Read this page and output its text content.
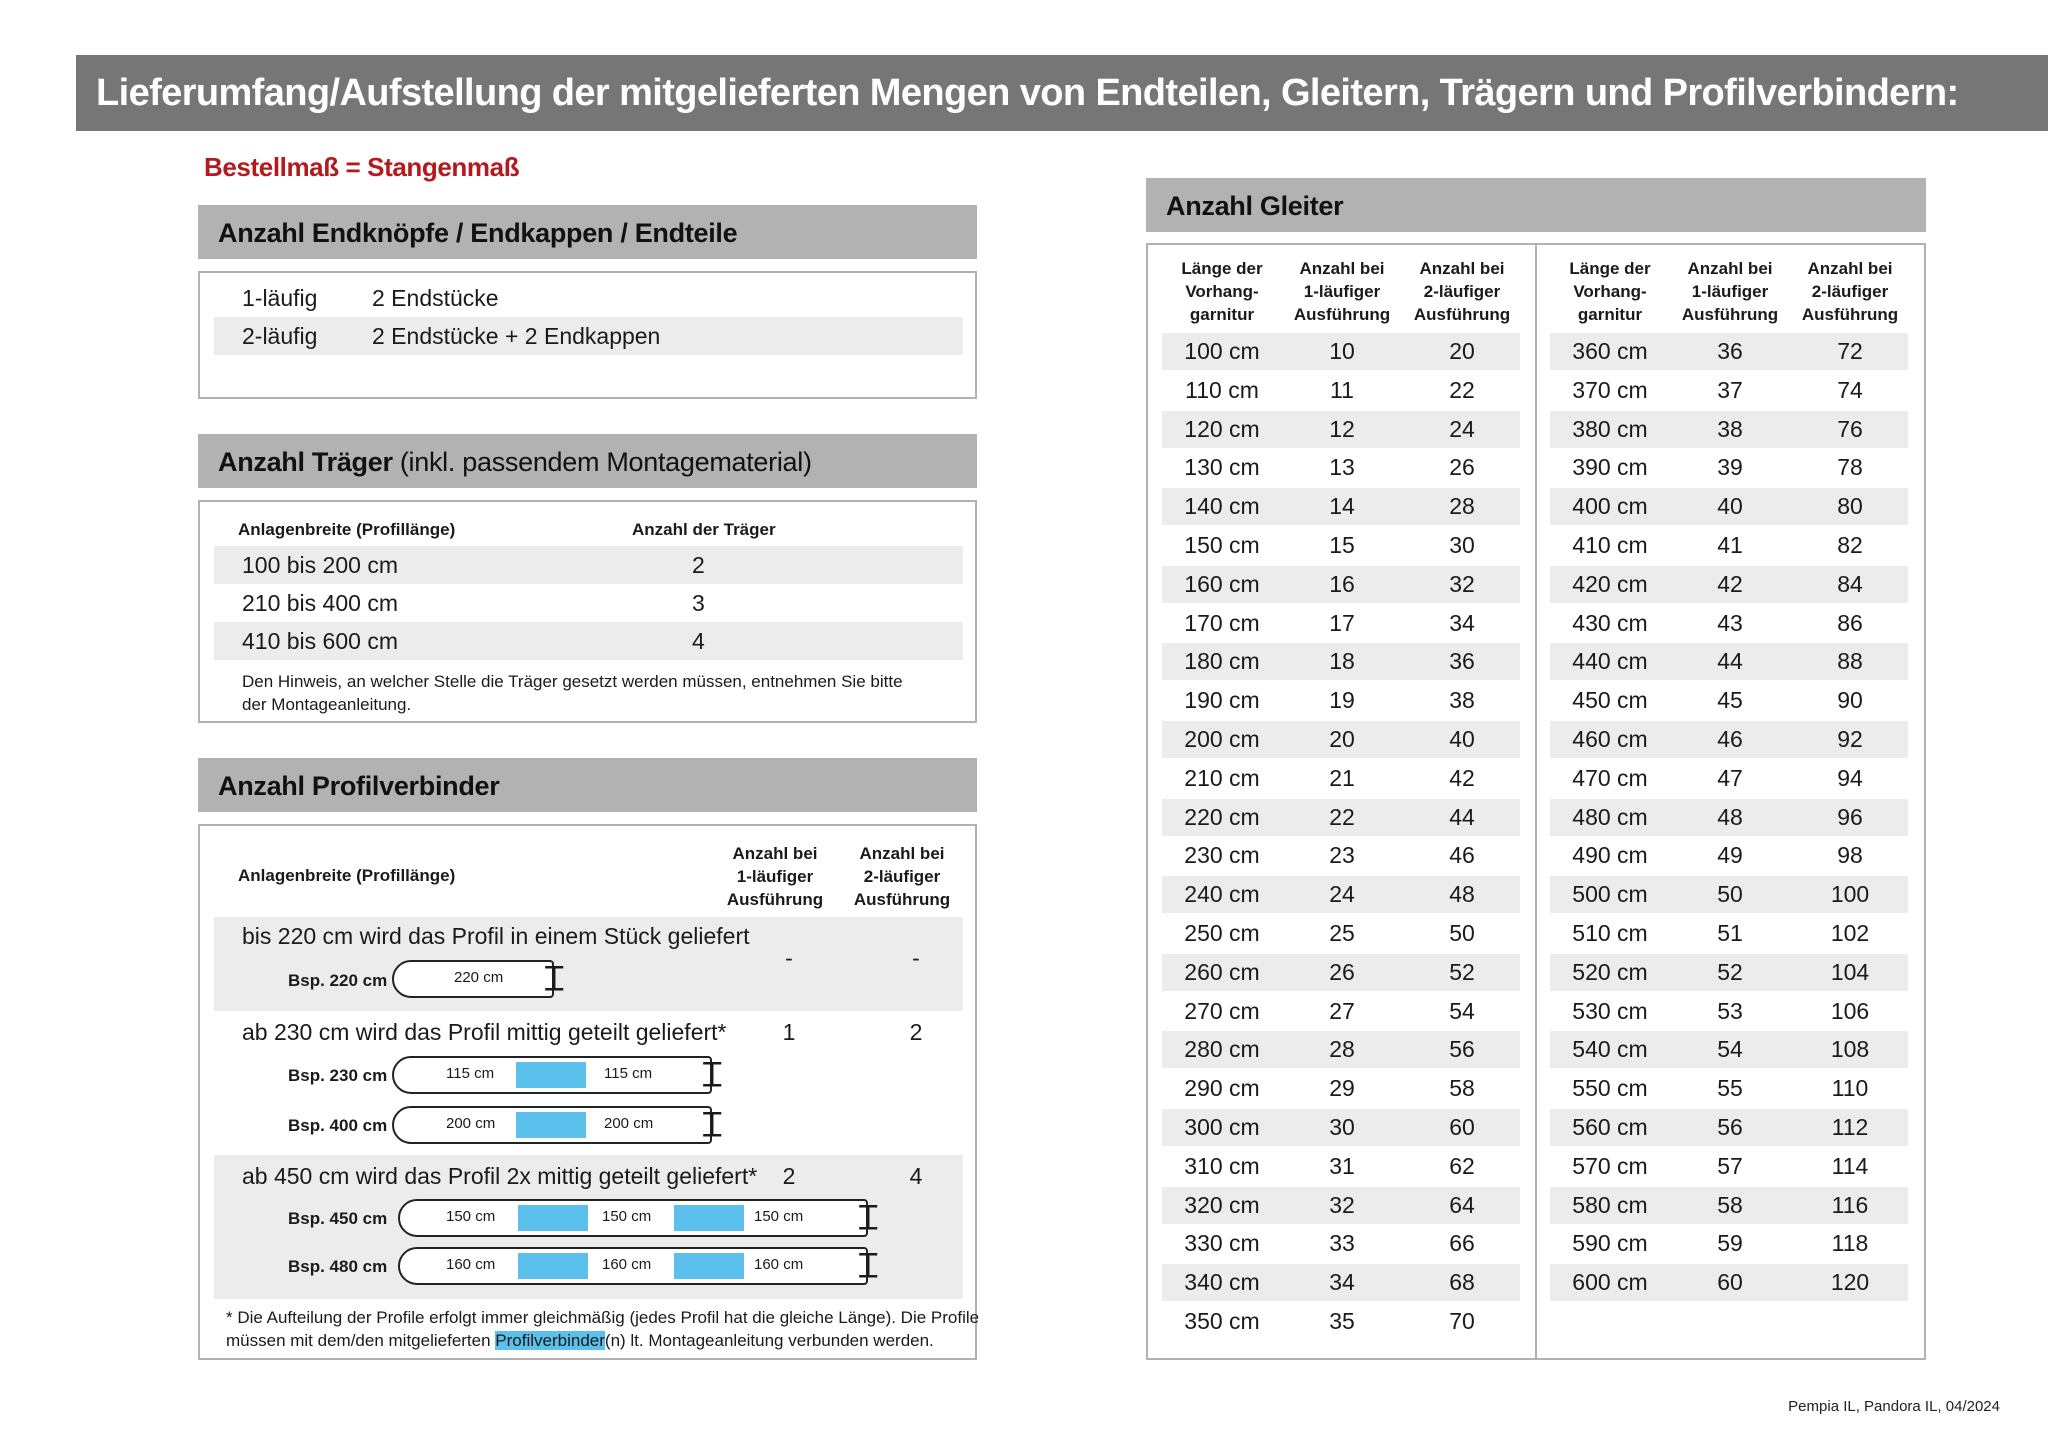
Lieferumfang/Aufstellung der mitgelieferten Mengen von Endteilen, Gleitern, Trägern und Profilverbindern:
Bestellmaß = Stangenmaß
Anzahl Endknöpfe / Endkappen / Endteile
1-läufig 2 Endstücke
2-läufig 2 Endstücke + 2 Endkappen
Anzahl Träger (inkl. passendem Montagematerial)
Anlagenbreite (Profillänge)	Anzahl der Träger
100 bis 200 cm	2
210 bis 400 cm	3
410 bis 600 cm	4
Den Hinweis, an welcher Stelle die Träger gesetzt werden müssen, entnehmen Sie bitte
der Montageanleitung.
Anzahl Profilverbinder
Anlagenbreite (Profillänge)
Anzahl bei
1-läufiger
Ausführung
Anzahl bei
2-läufiger
Ausführung
bis 220 cm wird das Profil in einem Stück geliefert
-	-
Bsp. 220 cm	220 cm ⌶
ab 230 cm wird das Profil mittig geteilt geliefert*	1	2
Bsp. 230 cm	115 cm	115 cm ⌶
Bsp. 400 cm	200 cm	200 cm ⌶
ab 450 cm wird das Profil 2x mittig geteilt geliefert*	2	4
Bsp. 450 cm	150 cm	150 cm	150 cm ⌶
Bsp. 480 cm	160 cm	160 cm	160 cm ⌶
* Die Aufteilung der Profile erfolgt immer gleichmäßig (jedes Profil hat die gleiche Länge). Die Profile
müssen mit dem/den mitgelieferten Profilverbinder(n) lt. Montageanleitung verbunden werden.
Anzahl Gleiter
Länge der
Vorhang-
garnitur
Anzahl bei
1-läufiger
Ausführung
Anzahl bei
2-läufiger
Ausführung
100 cm	10	20
110 cm	11	22
120 cm	12	24
130 cm	13	26
140 cm	14	28
150 cm	15	30
160 cm	16	32
170 cm	17	34
180 cm	18	36
190 cm	19	38
200 cm	20	40
210 cm	21	42
220 cm	22	44
230 cm	23	46
240 cm	24	48
250 cm	25	50
260 cm	26	52
270 cm	27	54
280 cm	28	56
290 cm	29	58
300 cm	30	60
310 cm	31	62
320 cm	32	64
330 cm	33	66
340 cm	34	68
350 cm	35	70
Länge der
Vorhang-
garnitur
Anzahl bei
1-läufiger
Ausführung
Anzahl bei
2-läufiger
Ausführung
360 cm	36	72
370 cm	37	74
380 cm	38	76
390 cm	39	78
400 cm	40	80
410 cm	41	82
420 cm	42	84
430 cm	43	86
440 cm	44	88
450 cm	45	90
460 cm	46	92
470 cm	47	94
480 cm	48	96
490 cm	49	98
500 cm	50	100
510 cm	51	102
520 cm	52	104
530 cm	53	106
540 cm	54	108
550 cm	55	110
560 cm	56	112
570 cm	57	114
580 cm	58	116
590 cm	59	118
600 cm	60	120
Pempia IL, Pandora IL, 04/2024
